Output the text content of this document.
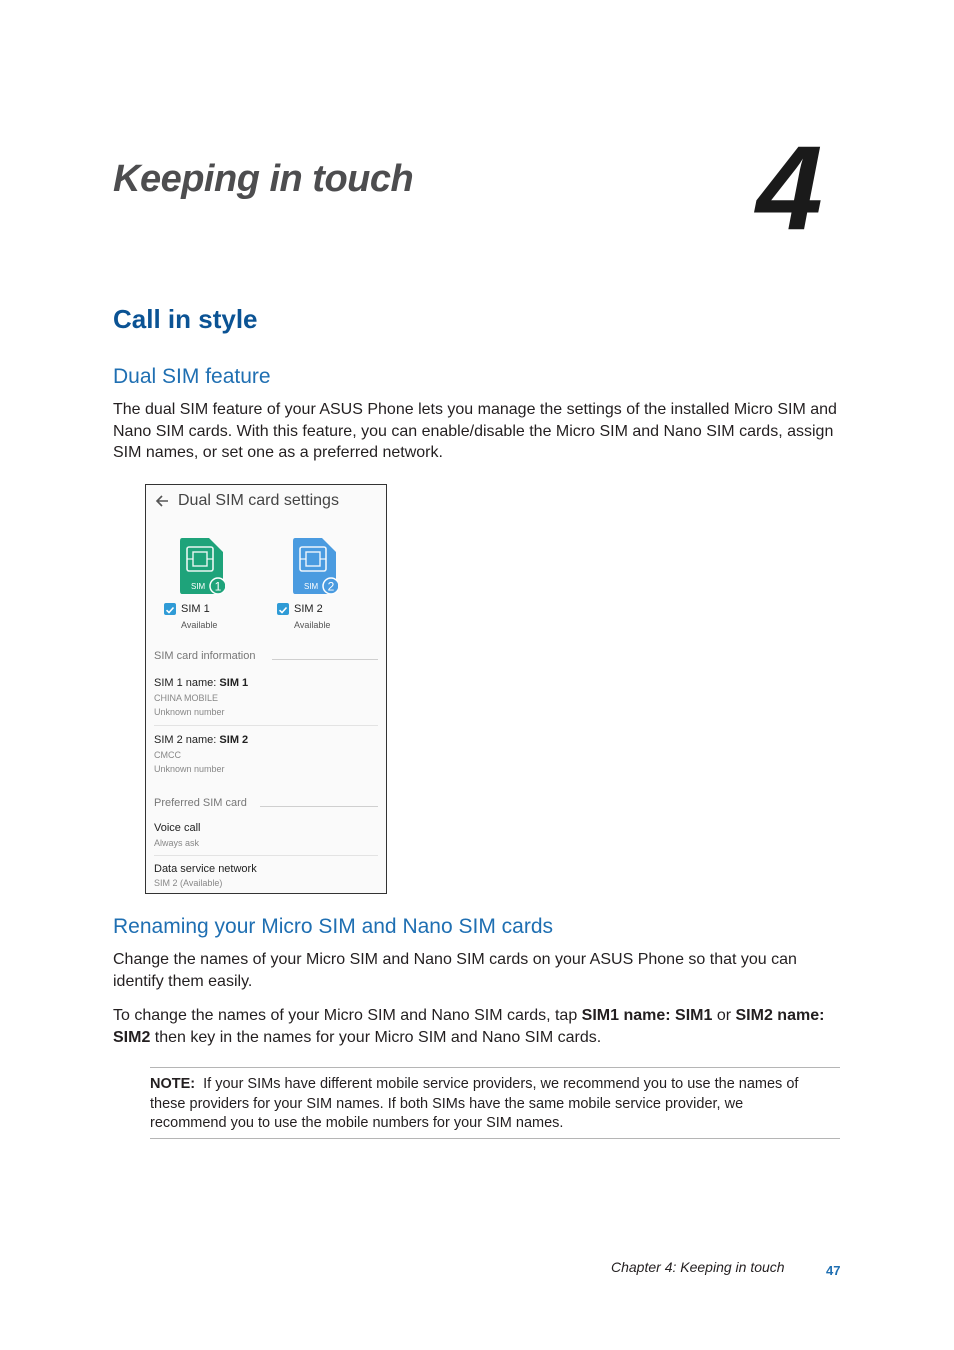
Keeping in touch	4
Call in style
Dual SIM feature
The dual SIM feature of your ASUS Phone lets you manage the settings of the installed Micro SIM and Nano SIM cards. With this feature, you can enable/disable the Micro SIM and Nano SIM cards, assign SIM names, or set one as a preferred network.
Dual SIM card settings
SIM 1
SIM 1
Available
SIM 2
SIM 2
Available
SIM card information
SIM 1 name: SIM 1
CHINA MOBILE
Unknown number
SIM 2 name: SIM 2
CMCC
Unknown number
Preferred SIM card
Voice call
Always ask
Data service network
SIM 2 (Available)
Renaming your Micro SIM and Nano SIM cards
Change the names of your Micro SIM and Nano SIM cards on your ASUS Phone so that you can identify them easily.
To change the names of your Micro SIM and Nano SIM cards, tap SIM1 name: SIM1 or SIM2 name: SIM2 then key in the names for your Micro SIM and Nano SIM cards.
NOTE: If your SIMs have different mobile service providers, we recommend you to use the names of these providers for your SIM names. If both SIMs have the same mobile service provider, we recommend you to use the mobile numbers for your SIM names.
Chapter 4: Keeping in touch	47
